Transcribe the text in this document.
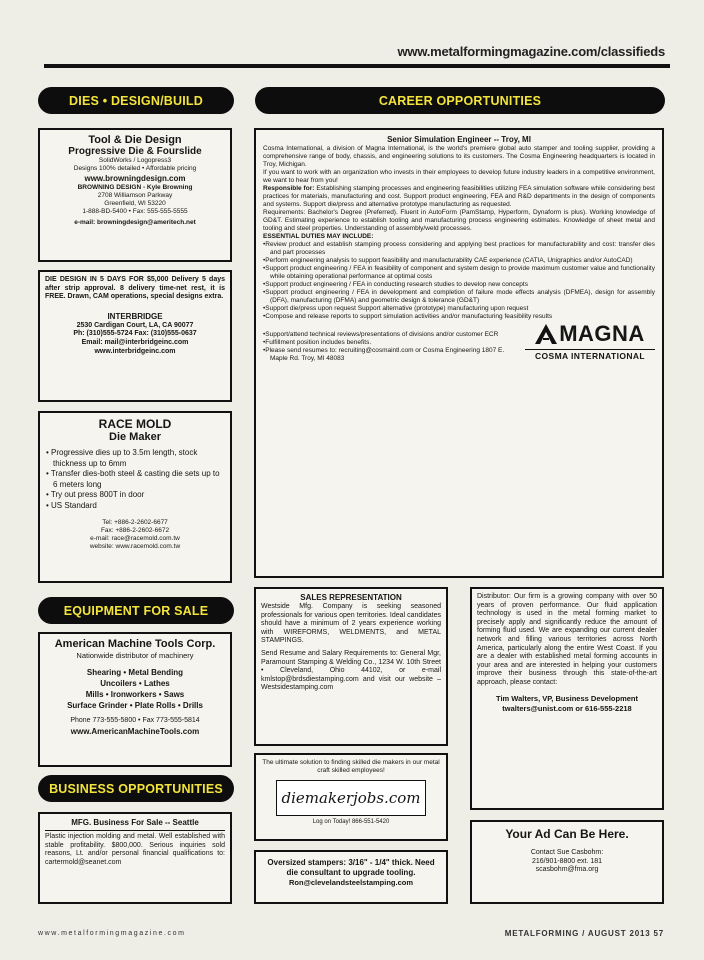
www.metalformingmagazine.com/classifieds
DIES • DESIGN/BUILD	CAREER OPPORTUNITIES
EQUIPMENT FOR SALE
BUSINESS OPPORTUNITIES
Tool & Die Design
Progressive Die & Fourslide
SolidWorks / Logopress3
Designs 100% detailed • Affordable pricing
www.browningdesign.com
BROWNING DESIGN - Kyle Browning
2708 Williamson Parkway
Greenfield, WI 53220
1-888-BD-5400 • Fax: 555-555-5555
e-mail: browningdesign@ameritech.net
DIE DESIGN IN 5 DAYS FOR $5,000 Delivery 5 days after strip approval. 8 delivery time-net rest, it is FREE. Drawn, CAM operations, special designs extra.
INTERBRIDGE
2530 Cardigan Court, LA, CA 90077
Ph: (310)555-5724 Fax: (310)555-0637
Email: mail@interbridgeinc.com
www.interbridgeinc.com
RACE MOLD
Die Maker
• Progressive dies up to 3.5m length, stock thickness up to 6mm
• Transfer dies-both steel & casting die sets up to 6 meters long
• Try out press 800T in door
• US Standard
Tel: +886-2-2602-6677
Fax: +886-2-2602-6672
e-mail: race@racemold.com.tw
website: www.racemold.com.tw
Senior Simulation Engineer -- Troy, MI
Cosma International, a division of Magna International, is the world's premiere global auto stamper and tooling supplier, providing a comprehensive range of body, chassis, and engineering solutions to its customers. The Cosma Engineering headquarters is located in Troy, Michigan.
If you want to work with an organization who invests in their employees to develop future industry leaders in a competitive environment, we want to hear from you!
Responsible for: Establishing stamping processes and engineering feasibilities utilizing FEA simulation software while considering best practices for materials, manufacturing and cost. Support product engineering, FEA and R&D departments in the design of components and systems. Support die/press and alternative prototype manufacturing as requested.
Requirements: Bachelor's Degree (Preferred). Fluent in AutoForm (PamStamp, Hyperform, Dynaform is plus). Working knowledge of GD&T. Estimating experience to establish tooling and manufacturing process engineering estimates. Knowledge of sheet metal and tooling and steel properties. Understanding of assembly/weld processes.
ESSENTIAL DUTIES MAY INCLUDE:
•Review product and establish stamping process considering and applying best practices for manufacturability and cost: transfer dies and part processes
•Perform engineering analysis to support feasibility and manufacturability CAE experience (CATIA, Unigraphics and/or AutoCAD)
•Support product engineering / FEA in feasibility of component and system design to provide maximum customer value and functionality while obtaining operational performance at optimal costs
•Support product engineering / FEA in conducting research studies to develop new concepts
•Support product engineering / FEA in development and completion of failure mode effects analysis (DFMEA), design for assembly (DFA), manufacturing (DFMA) and geometric design & tolerance (GD&T)
•Support die/press upon request Support alternative (prototype) manufacturing upon request
•Compose and release reports to support simulation activities and/or manufacturing feasibility results
•Support/attend technical reviews/presentations of divisions and/or customer ECR
•Fulfillment position includes benefits.
•Please send resumes to: recruiting@cosmaintl.com or Cosma Engineering 1807 E. Maple Rd. Troy, MI 48083
MAGNA
COSMA INTERNATIONAL
American Machine Tools Corp.
Nationwide distributor of machinery
Shearing • Metal Bending
Uncoilers • Lathes
Mills • Ironworkers • Saws
Surface Grinder • Plate Rolls • Drills
Phone 773-555-5800 • Fax 773-555-5814
www.AmericanMachineTools.com
MFG. Business For Sale -- Seattle
Plastic injection molding and metal. Well established with stable profitability. $800,000. Serious inquiries sold reasons, Lt. and/or personal financial qualifications to: cartermold@seanet.com
SALES REPRESENTATION
Westside Mfg. Company is seeking seasoned professionals for various open territories. Ideal candidates should have a minimum of 2 years experience working with WIREFORMS, WELDMENTS, and METAL STAMPINGS.
Send Resume and Salary Requirements to: General Mgr, Paramount Stamping & Welding Co., 1234 W. 10th Street • Cleveland, Ohio 44102, or e-mail kmlstop@brdsdiestamping.com and visit our website – Westsidestamping.com
The ultimate solution to finding skilled die makers in our metal craft skilled employees!
diemakerjobs.com
Log on Today! 866-551-5420
Oversized stampers: 3/16" - 1/4" thick. Need die consultant to upgrade tooling.
Ron@clevelandsteelstamping.com
Distributor: Our firm is a growing company with over 50 years of proven performance. Our fluid application technology is used in the metal forming market to precisely apply and significantly reduce the amount of forming fluid used. We are expanding our current dealer network and filling various territories across North America, particularly along the entire West Coast. If you are a dealer with established metal forming accounts in your area and are interested in helping your customers improve their business through this state-of-the-art approach, please contact:
Tim Walters, VP, Business Development
twalters@unist.com or 616-555-2218
Your Ad Can Be Here.
Contact Sue Casbohm:
216/901-8800 ext. 181
scasbohm@fma.org
www.metalformingmagazine.com	METALFORMING / AUGUST 2013 57
